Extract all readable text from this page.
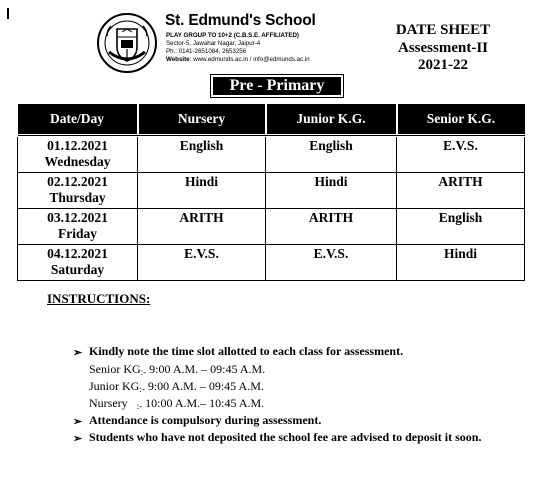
St. Edmund's School
PLAY GROUP TO 10+2 (C.B.S.E. AFFILIATED)
Sector-5, Jawahar Nagar, Jaipur-4
Ph.: 0141-2651084, 2653256
Website: www.edmunds.ac.in / info@edmunds.ac.in
DATE SHEET
Assessment-II
2021-22
Pre - Primary
Date/Day	Nursery	Junior K.G.	Senior K.G.

01.12.2021
Wednesday	English	English	E.V.S.

02.12.2021
Thursday	Hindi	Hindi	ARITH

03.12.2021
Friday	ARITH	ARITH	English

04.12.2021
Saturday	E.V.S.	E.V.S.	Hindi
INSTRUCTIONS:
➢ Kindly note the time slot allotted to each class for assessment.
Senior KG:- 9:00 A.M. – 09:45 A.M.
Junior KG:- 9:00 A.M. – 09:45 A.M.
Nursery   :- 10:00 A.M.– 10:45 A.M.
➢ Attendance is compulsory during assessment.
➢ Students who have not deposited the school fee are advised to deposit it soon.
